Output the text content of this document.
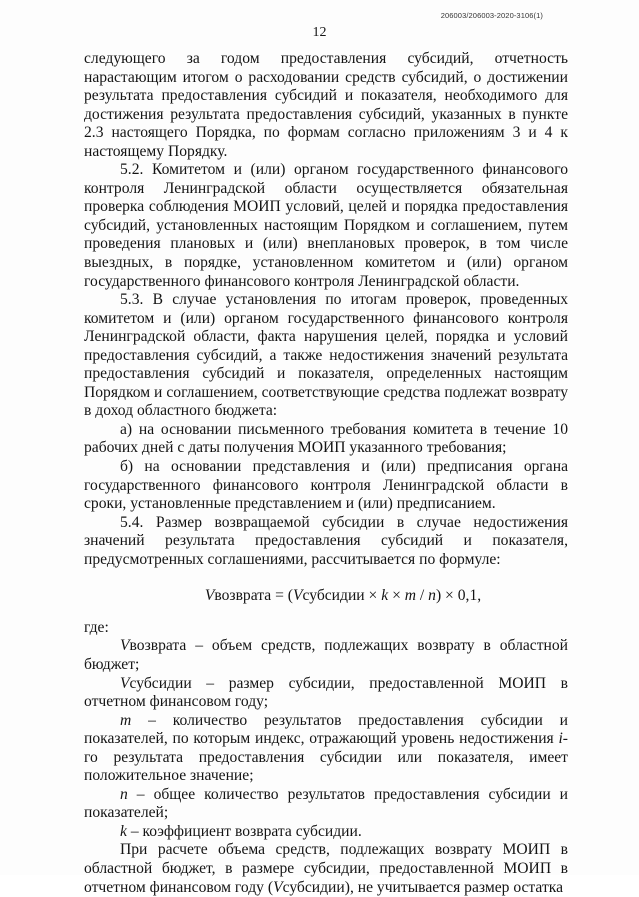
206003/206003-2020-3106(1)
12

следующего за годом предоставления субсидий, отчетность нарастающим итогом о расходовании средств субсидий, о достижении результата предоставления субсидий и показателя, необходимого для достижения результата предоставления субсидий, указанных в пункте 2.3 настоящего Порядка, по формам согласно приложениям 3 и 4 к настоящему Порядку.

5.2. Комитетом и (или) органом государственного финансового контроля Ленинградской области осуществляется обязательная проверка соблюдения МОИП условий, целей и порядка предоставления субсидий, установленных настоящим Порядком и соглашением, путем проведения плановых и (или) внеплановых проверок, в том числе выездных, в порядке, установленном комитетом и (или) органом государственного финансового контроля Ленинградской области.

5.3. В случае установления по итогам проверок, проведенных комитетом и (или) органом государственного финансового контроля Ленинградской области, факта нарушения целей, порядка и условий предоставления субсидий, а также недостижения значений результата предоставления субсидий и показателя, определенных настоящим Порядком и соглашением, соответствующие средства подлежат возврату в доход областного бюджета:

а) на основании письменного требования комитета в течение 10 рабочих дней с даты получения МОИП указанного требования;

б) на основании представления и (или) предписания органа государственного финансового контроля Ленинградской области в сроки, установленные представлением и (или) предписанием.

5.4. Размер возвращаемой субсидии в случае недостижения значений результата предоставления субсидий и показателя, предусмотренных соглашениями, рассчитывается по формуле:

Vвозврата = (Vсубсидии × k × m / n) × 0,1,

где:

Vвозврата – объем средств, подлежащих возврату в областной бюджет;

Vсубсидии – размер субсидии, предоставленной МОИП в отчетном финансовом году;

m – количество результатов предоставления субсидии и показателей, по которым индекс, отражающий уровень недостижения i-го результата предоставления субсидии или показателя, имеет положительное значение;

n – общее количество результатов предоставления субсидии и показателей;

k – коэффициент возврата субсидии.

При расчете объема средств, подлежащих возврату МОИП в областной бюджет, в размере субсидии, предоставленной МОИП в отчетном финансовом году (Vсубсидии), не учитывается размер остатка
